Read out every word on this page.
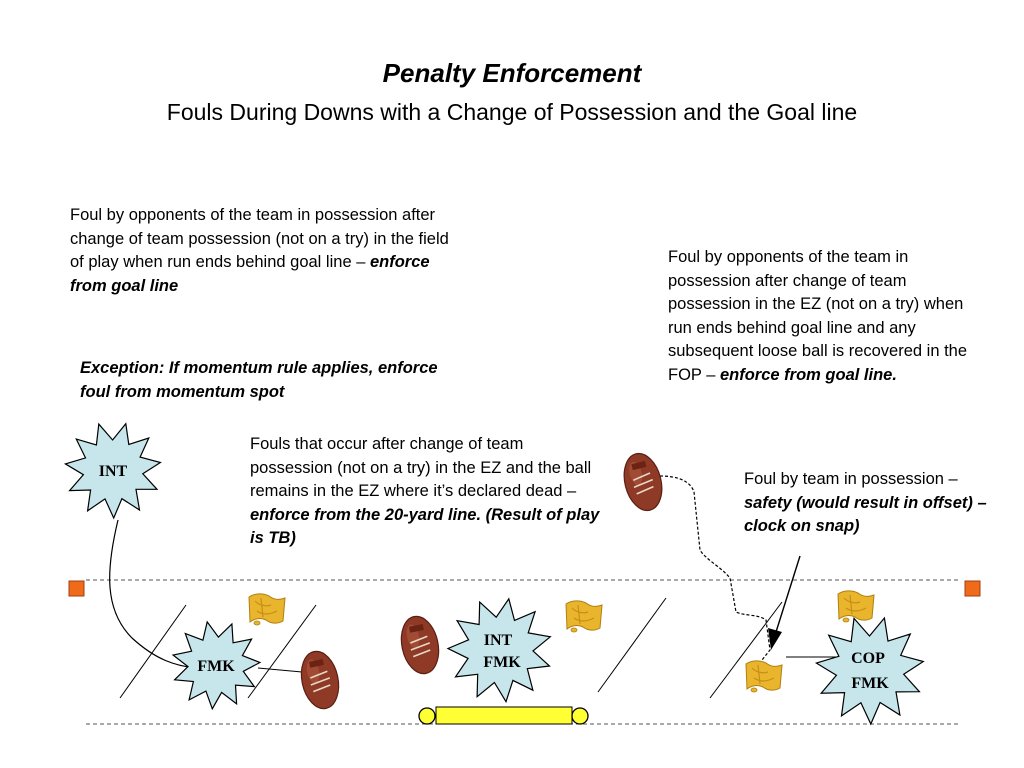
INT
FMK
INT
FMK	COP
FMK

Penalty Enforcement

Fouls During Downs with a Change of Possession and the Goal line

Foul by opponents of the team in possession after change of team possession (not on a try) in the field of play when run ends behind goal line – enforce from goal line

Exception: If momentum rule applies, enforce foul from momentum spot

Fouls that occur after change of team possession (not on a try) in the EZ and the ball remains in the EZ where it’s declared dead – enforce from the 20-yard line. (Result of play is TB)

Foul by opponents of the team in possession after change of team possession in the EZ (not on a try) when run ends behind goal line and any subsequent loose ball is recovered in the FOP – enforce from goal line.

Foul by team in possession – safety (would result in offset) – clock on snap)
